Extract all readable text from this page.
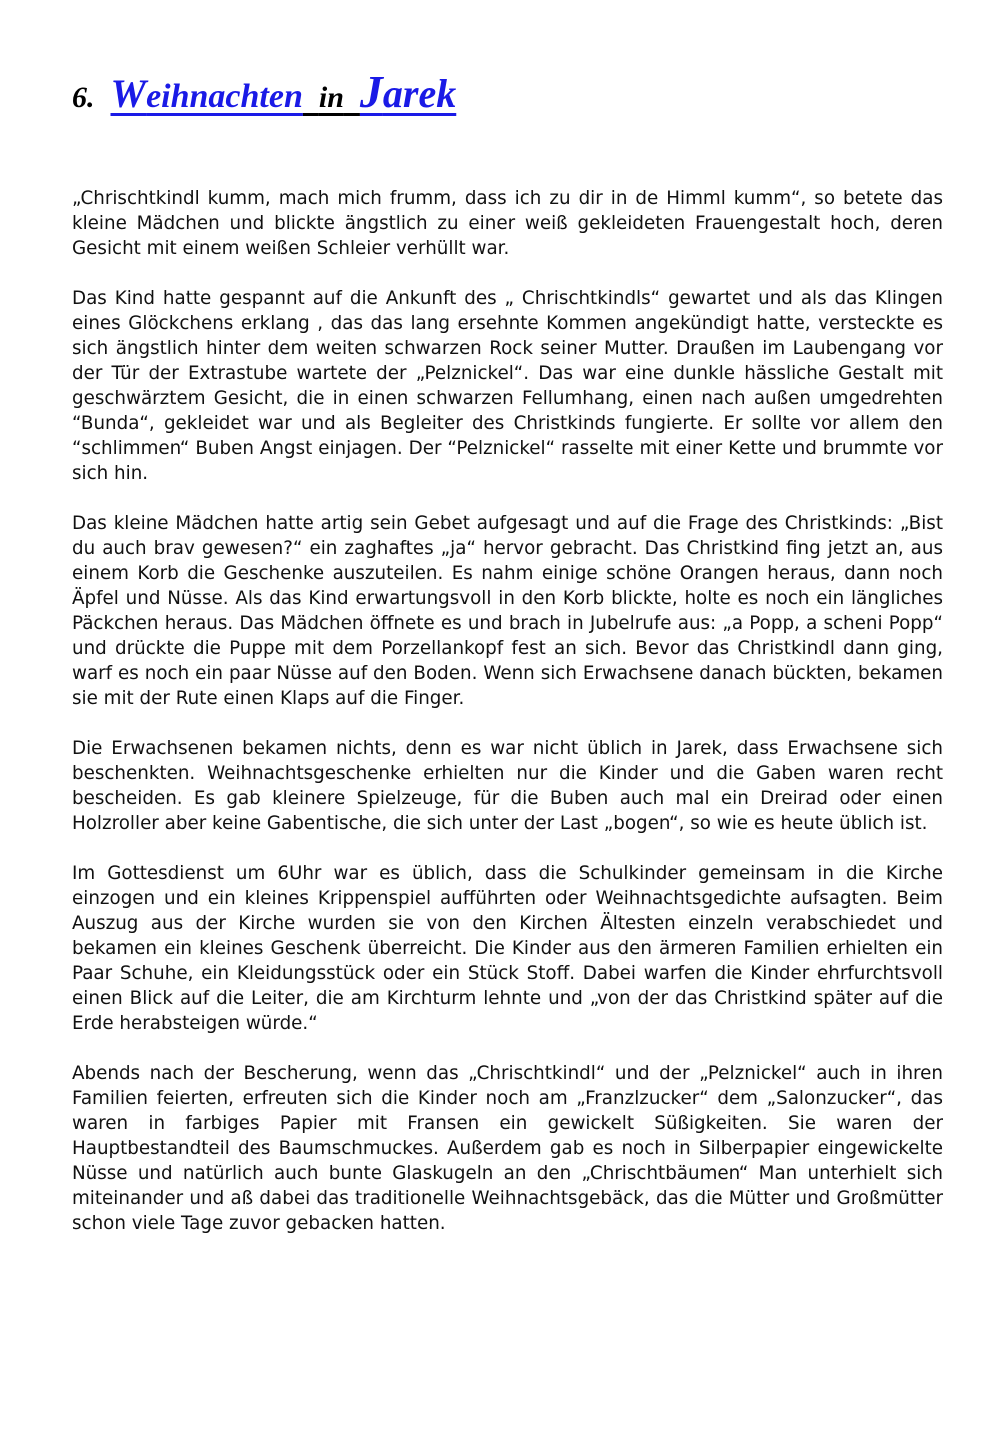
6. Weihnachten in Jarek

„Chrischtkindl kumm, mach mich frumm, dass ich zu dir in de Himml kumm“, so betete das kleine Mädchen und blickte ängstlich zu einer weiß gekleideten Frauengestalt hoch, deren Gesicht mit einem weißen Schleier verhüllt war.

Das Kind hatte gespannt auf die Ankunft des „ Chrischtkindls“ gewartet und als das Klingen eines Glöckchens erklang , das das lang ersehnte Kommen angekündigt hatte, versteckte es sich ängstlich hinter dem weiten schwarzen Rock seiner Mutter. Draußen im Laubengang vor der Tür der Extrastube wartete der „Pelznickel“. Das war eine dunkle hässliche Gestalt mit geschwärztem Gesicht, die in einen schwarzen Fellumhang, einen nach außen umgedrehten “Bunda“, gekleidet war und als Begleiter des Christkinds fungierte. Er sollte vor allem den “schlimmen“ Buben Angst einjagen. Der “Pelznickel“ rasselte mit einer Kette und brummte vor sich hin.

Das kleine Mädchen hatte artig sein Gebet aufgesagt und auf die Frage des Christkinds: „Bist du auch brav gewesen?“ ein zaghaftes „ja“ hervor gebracht. Das Christkind fing jetzt an, aus einem Korb die Geschenke auszuteilen. Es nahm einige schöne Orangen heraus, dann noch Äpfel und Nüsse. Als das Kind erwartungsvoll in den Korb blickte, holte es noch ein längliches Päckchen heraus. Das Mädchen öffnete es und brach in Jubelrufe aus: „a Popp, a scheni Popp“ und drückte die Puppe mit dem Porzellankopf fest an sich. Bevor das Christkindl dann ging, warf es noch ein paar Nüsse auf den Boden. Wenn sich Erwachsene danach bückten, bekamen sie mit der Rute einen Klaps auf die Finger.

Die Erwachsenen bekamen nichts, denn es war nicht üblich in Jarek, dass Erwachsene sich beschenkten. Weihnachtsgeschenke erhielten nur die Kinder und die Gaben waren recht bescheiden. Es gab kleinere Spielzeuge, für die Buben auch mal ein Dreirad oder einen Holzroller aber keine Gabentische, die sich unter der Last „bogen“, so wie es heute üblich ist.

Im Gottesdienst um 6Uhr war es üblich, dass die Schulkinder gemeinsam in die Kirche einzogen und ein kleines Krippenspiel aufführten oder Weihnachtsgedichte aufsagten. Beim Auszug aus der Kirche wurden sie von den Kirchen Ältesten einzeln verabschiedet und bekamen ein kleines Geschenk überreicht. Die Kinder aus den ärmeren Familien erhielten ein Paar Schuhe, ein Kleidungsstück oder ein Stück Stoff. Dabei warfen die Kinder ehrfurchtsvoll einen Blick auf die Leiter, die am Kirchturm lehnte und „von der das Christkind später auf die Erde herabsteigen würde.“

Abends nach der Bescherung, wenn das „Chrischtkindl“ und der „Pelznickel“ auch in ihren Familien feierten, erfreuten sich die Kinder noch am „Franzlzucker“ dem „Salonzucker“, das waren in farbiges Papier mit Fransen ein gewickelt Süßigkeiten. Sie waren der Hauptbestandteil des Baumschmuckes. Außerdem gab es noch in Silberpapier eingewickelte Nüsse und natürlich auch bunte Glaskugeln an den „Chrischtbäumen“ Man unterhielt sich miteinander und aß dabei das traditionelle Weihnachtsgebäck, das die Mütter und Großmütter schon viele Tage zuvor gebacken hatten.
